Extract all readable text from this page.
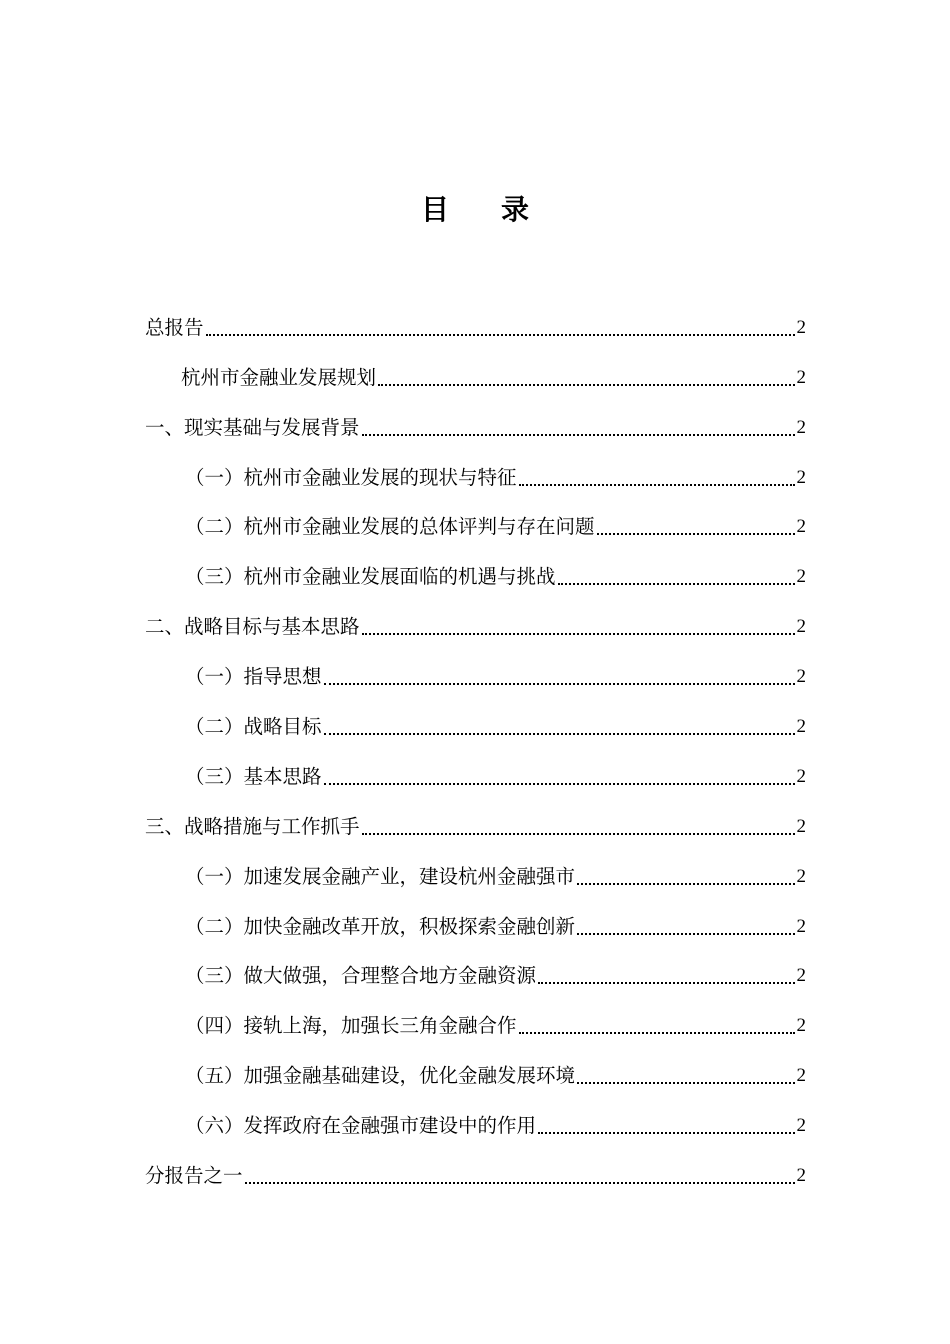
目 录
总报告	2
杭州市金融业发展规划	2
一、现实基础与发展背景	2
（一）杭州市金融业发展的现状与特征	2
（二）杭州市金融业发展的总体评判与存在问题	2
（三）杭州市金融业发展面临的机遇与挑战	2
二、战略目标与基本思路	2
（一）指导思想	2
（二）战略目标	2
（三）基本思路	2
三、战略措施与工作抓手	2
（一）加速发展金融产业，建设杭州金融强市	2
（二）加快金融改革开放，积极探索金融创新	2
（三）做大做强，合理整合地方金融资源	2
（四）接轨上海，加强长三角金融合作	2
（五）加强金融基础建设，优化金融发展环境	2
（六）发挥政府在金融强市建设中的作用	2
分报告之一	2
